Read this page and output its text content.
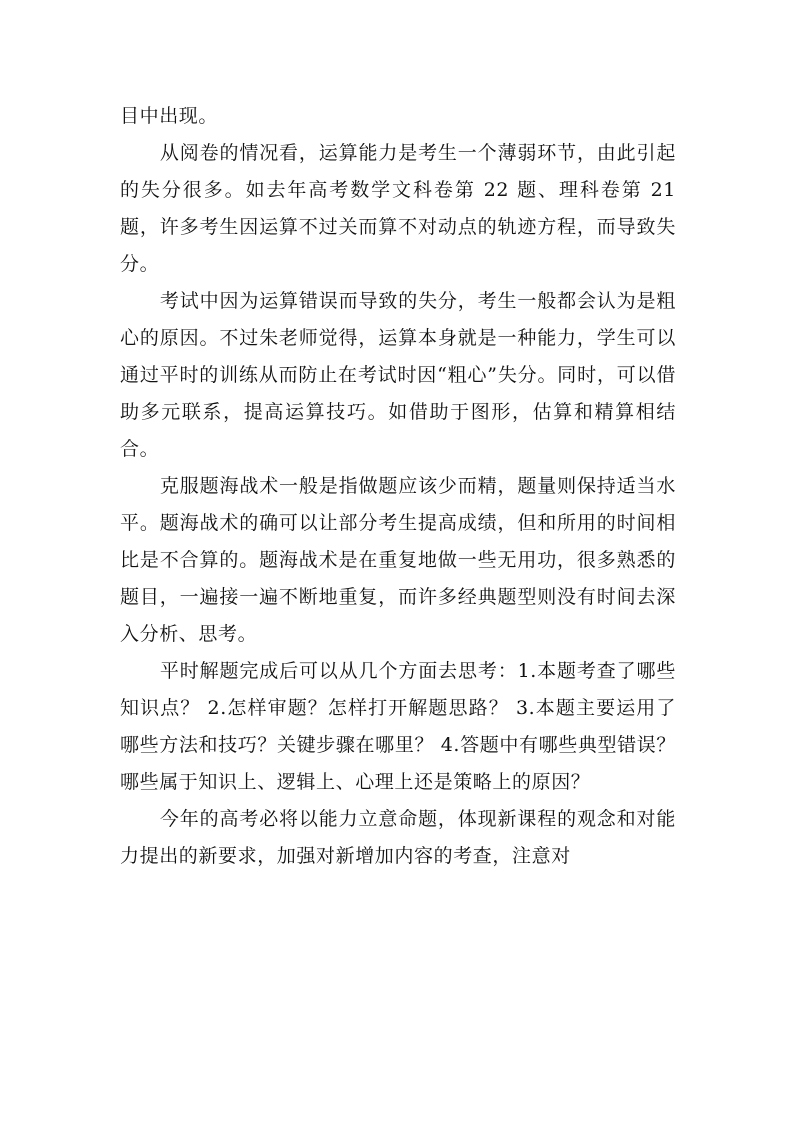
目中出现。

从阅卷的情况看，运算能力是考生一个薄弱环节，由此引起的失分很多。如去年高考数学文科卷第 22 题、理科卷第 21 题，许多考生因运算不过关而算不对动点的轨迹方程，而导致失分。

考试中因为运算错误而导致的失分，考生一般都会认为是粗心的原因。不过朱老师觉得，运算本身就是一种能力，学生可以通过平时的训练从而防止在考试时因“粗心”失分。同时，可以借助多元联系，提高运算技巧。如借助于图形，估算和精算相结合。

克服题海战术一般是指做题应该少而精，题量则保持适当水平。题海战术的确可以让部分考生提高成绩，但和所用的时间相比是不合算的。题海战术是在重复地做一些无用功，很多熟悉的题目，一遍接一遍不断地重复，而许多经典题型则没有时间去深入分析、思考。

平时解题完成后可以从几个方面去思考：1.本题考查了哪些知识点？ 2.怎样审题？怎样打开解题思路？ 3.本题主要运用了哪些方法和技巧？关键步骤在哪里？ 4.答题中有哪些典型错误？哪些属于知识上、逻辑上、心理上还是策略上的原因？

今年的高考必将以能力立意命题，体现新课程的观念和对能力提出的新要求，加强对新增加内容的考查，注意对
